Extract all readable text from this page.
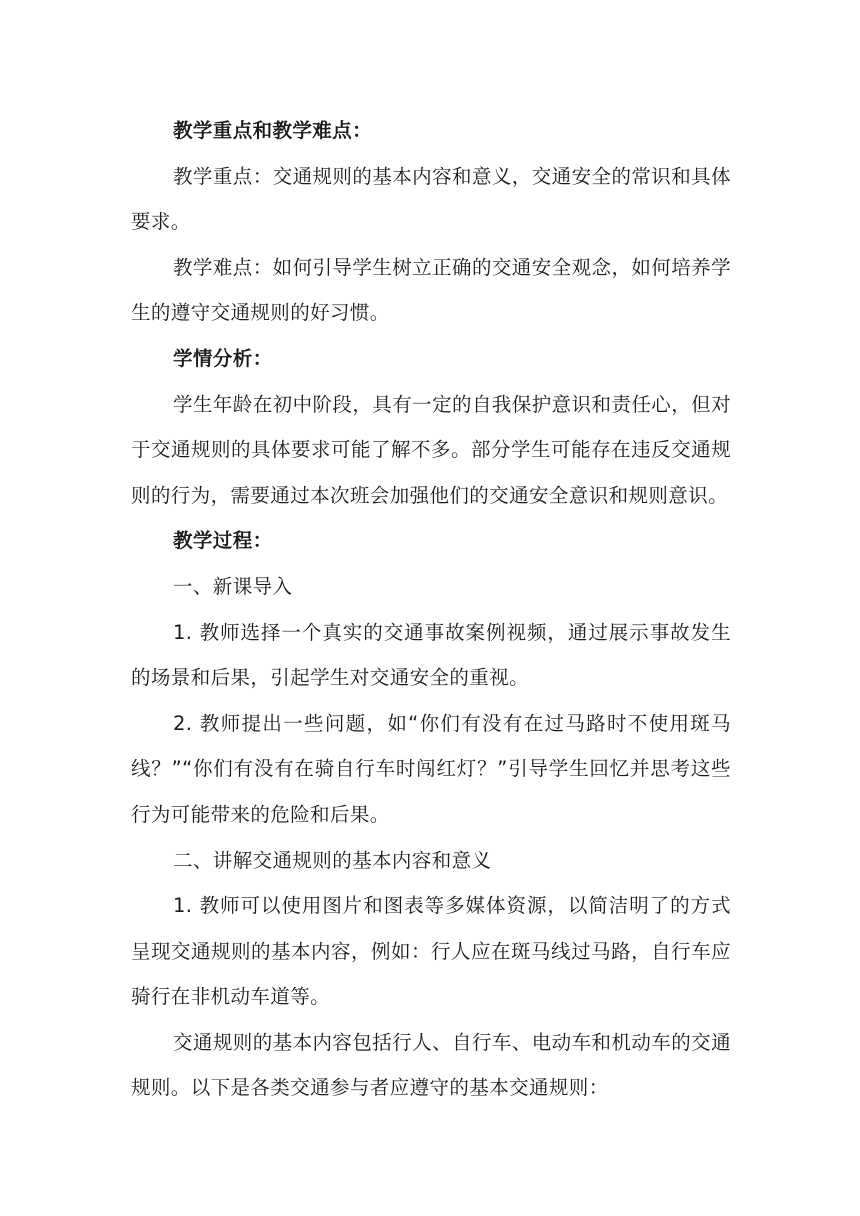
教学重点和教学难点：

教学重点：交通规则的基本内容和意义，交通安全的常识和具体要求。

教学难点：如何引导学生树立正确的交通安全观念，如何培养学生的遵守交通规则的好习惯。

学情分析：

学生年龄在初中阶段，具有一定的自我保护意识和责任心，但对于交通规则的具体要求可能了解不多。部分学生可能存在违反交通规则的行为，需要通过本次班会加强他们的交通安全意识和规则意识。

教学过程：

一、新课导入

1. 教师选择一个真实的交通事故案例视频，通过展示事故发生的场景和后果，引起学生对交通安全的重视。

2. 教师提出一些问题，如“你们有没有在过马路时不使用斑马线？”“你们有没有在骑自行车时闯红灯？”引导学生回忆并思考这些行为可能带来的危险和后果。

二、讲解交通规则的基本内容和意义

1. 教师可以使用图片和图表等多媒体资源，以简洁明了的方式呈现交通规则的基本内容，例如：行人应在斑马线过马路，自行车应骑行在非机动车道等。

交通规则的基本内容包括行人、自行车、电动车和机动车的交通规则。以下是各类交通参与者应遵守的基本交通规则：
